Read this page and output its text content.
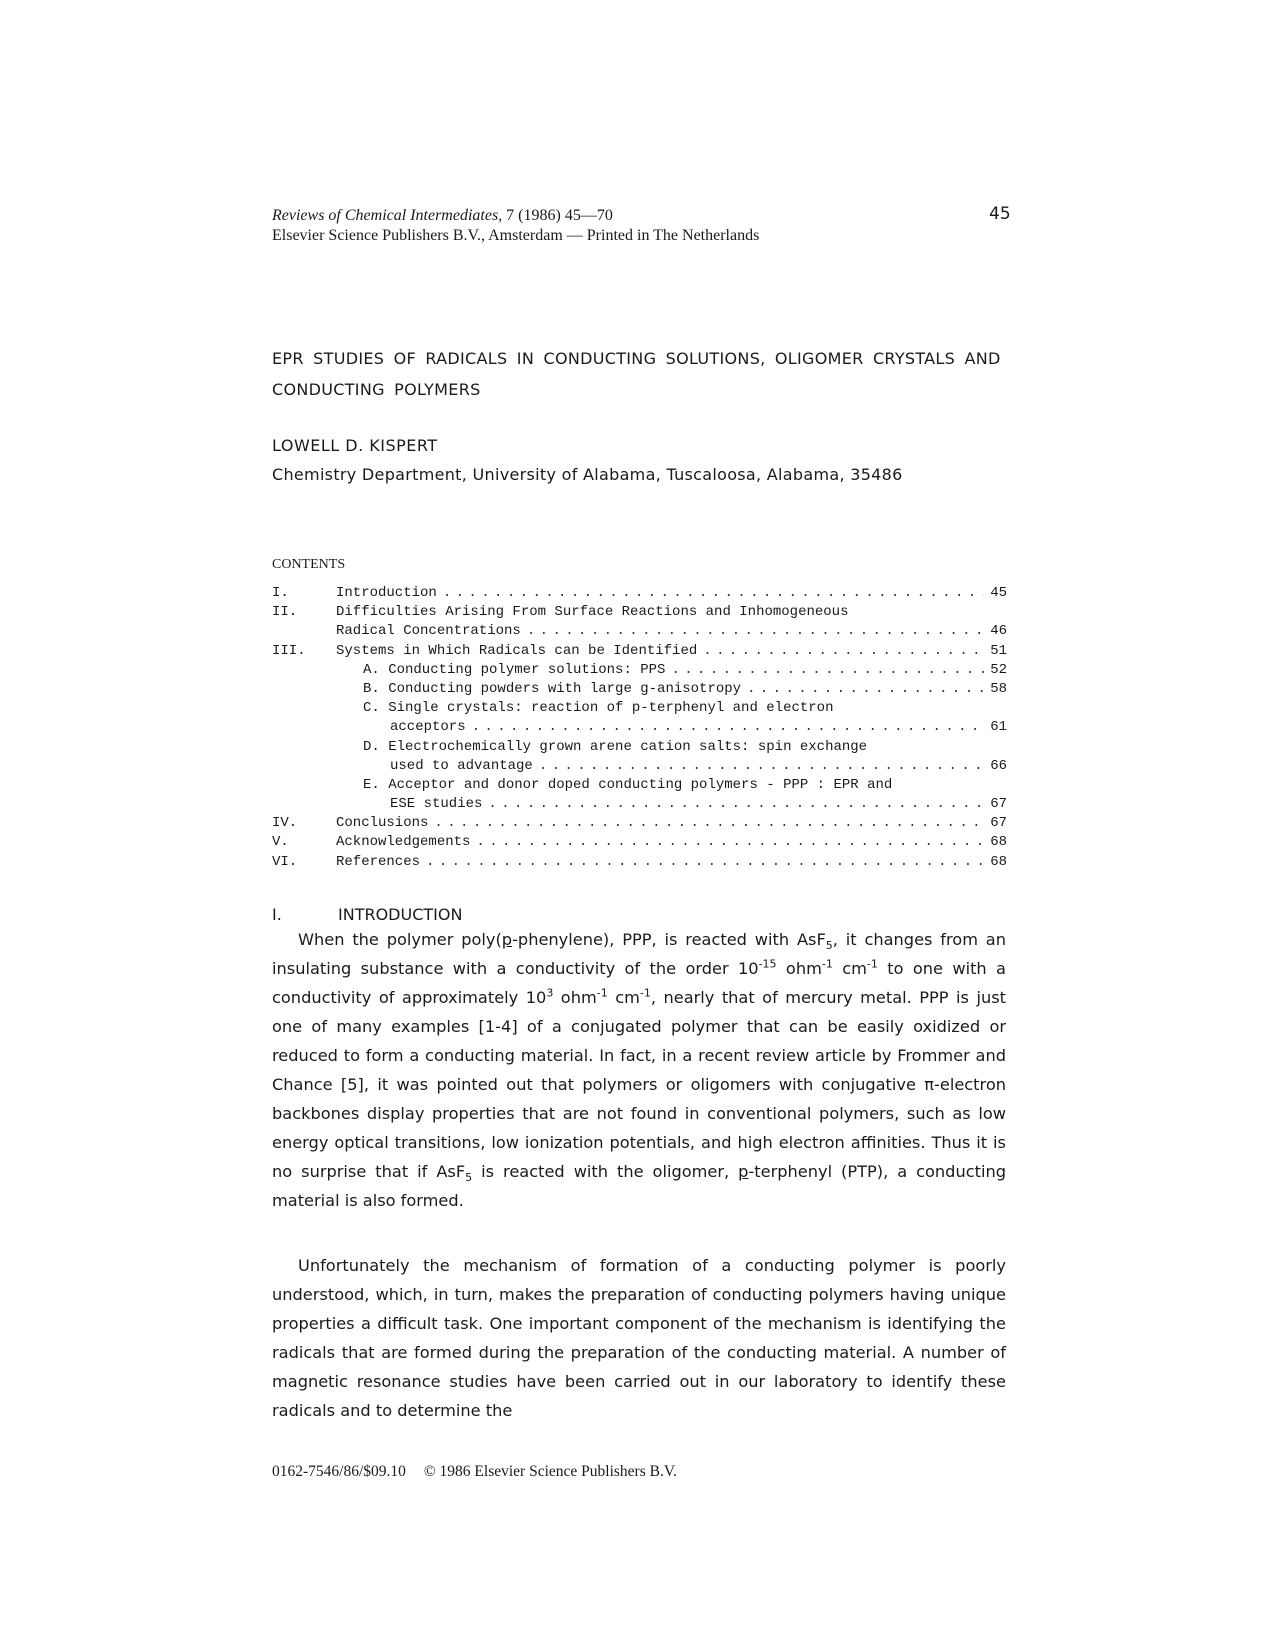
Reviews of Chemical Intermediates, 7 (1986) 45—70
Elsevier Science Publishers B.V., Amsterdam — Printed in The Netherlands
45
EPR STUDIES OF RADICALS IN CONDUCTING SOLUTIONS, OLIGOMER CRYSTALS AND CONDUCTING POLYMERS
LOWELL D. KISPERT
Chemistry Department, University of Alabama, Tuscaloosa, Alabama, 35486
CONTENTS
I.	Introduction . . .	45
II.	Difficulties Arising From Surface Reactions and Inhomogeneous
Radical Concentrations . . .	46
III. Systems in Which Radicals can be Identified . . .	51
A. Conducting polymer solutions: PPS . . .	52
B. Conducting powders with large g-anisotropy . . .	58
C. Single crystals: reaction of p-terphenyl and electron
acceptors . . .	61
D. Electrochemically grown arene cation salts: spin exchange
used to advantage . . .	66
E. Acceptor and donor doped conducting polymers - PPP : EPR and
ESE studies . . .	67
IV.	Conclusions . . .	67
V.	Acknowledgements . . .	68
VI.	References . . .	68
I.	INTRODUCTION

When the polymer poly(p-phenylene), PPP, is reacted with AsF$_5$, it changes from an insulating substance with a conductivity of the order $10^{-15}$ ohm$^{-1}$ $cm^{-1}$ to one with a conductivity of approximately $10^3$ ohm$^{-1}$ $cm^{-1}$, nearly that of mercury metal. PPP is just one of many examples [1-4] of a conjugated polymer that can be easily oxidized or reduced to form a conducting material. In fact, in a recent review article by Frommer and Chance [5], it was pointed out that polymers or oligomers with conjugative π-electron backbones display properties that are not found in conventional polymers, such as low energy optical transitions, low ionization potentials, and high electron affinities. Thus it is no surprise that if AsF$_5$ is reacted with the oligomer, p-terphenyl (PTP), a conducting material is also formed.

Unfortunately the mechanism of formation of a conducting polymer is poorly understood, which, in turn, makes the preparation of conducting polymers having unique properties a difficult task. One important component of the mechanism is identifying the radicals that are formed during the preparation of the conducting material. A number of magnetic resonance studies have been carried out in our laboratory to identify these radicals and to determine the

0162-7546/86/$09.10 © 1986 Elsevier Science Publishers B.V.
